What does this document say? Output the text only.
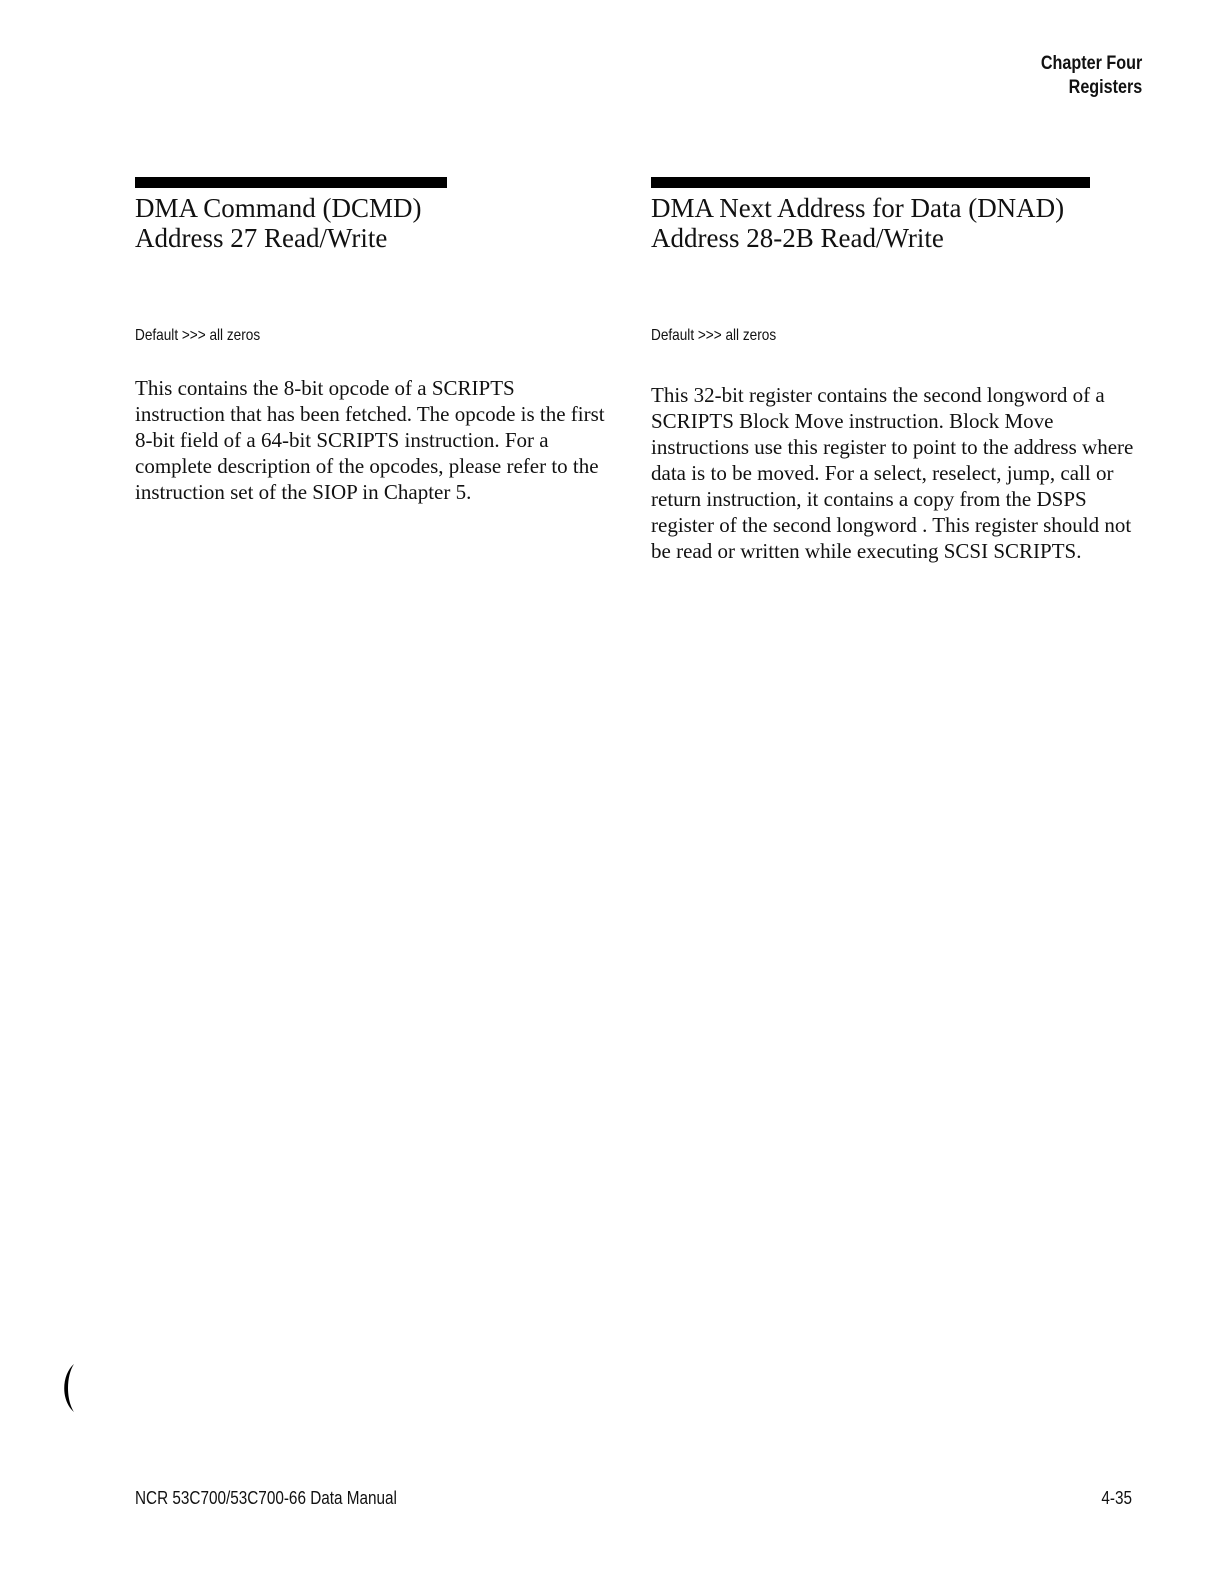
Chapter Four
Registers
DMA Command (DCMD)
Address 27 Read/Write
Default >>> all zeros

This contains the 8-bit opcode of a SCRIPTS instruction that has been fetched. The opcode is the first 8-bit field of a 64-bit SCRIPTS instruction. For a complete description of the opcodes, please refer to the instruction set of the SIOP in Chapter 5.

DMA Next Address for Data (DNAD)
Address 28-2B Read/Write
Default >>> all zeros

This 32-bit register contains the second longword of a SCRIPTS Block Move instruction. Block Move instructions use this register to point to the address where data is to be moved. For a select, reselect, jump, call or return instruction, it contains a copy from the DSPS register of the second longword . This register should not be read or written while executing SCSI SCRIPTS.

NCR 53C700/53C700-66 Data Manual	4-35
